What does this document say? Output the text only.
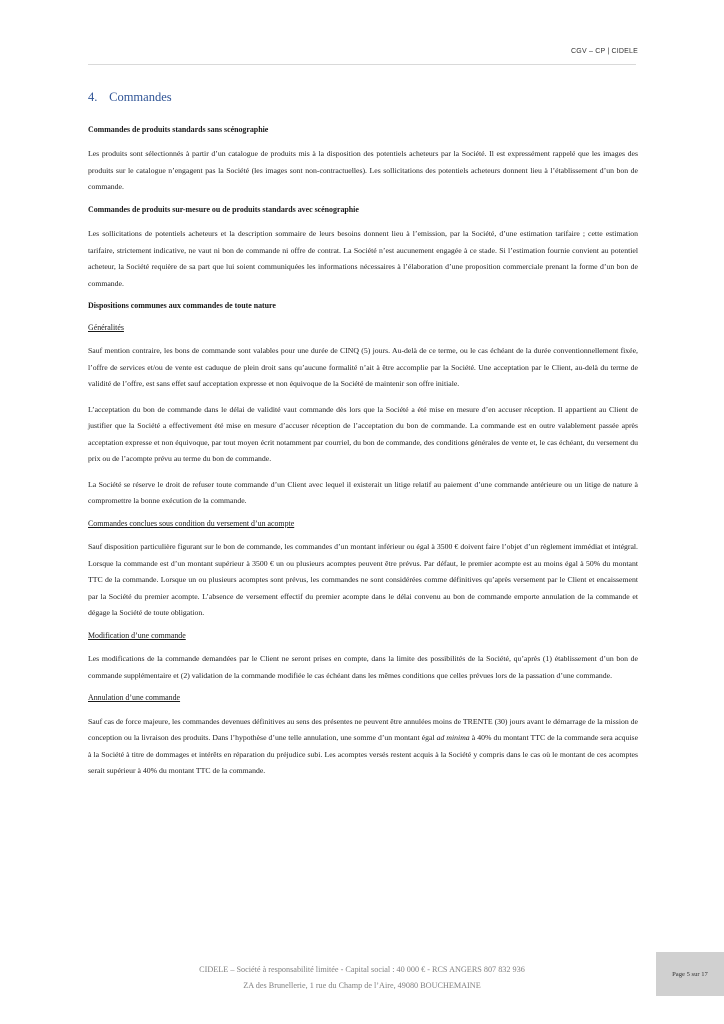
CGV – CP | CIDELE
4. Commandes
Commandes de produits standards sans scénographie

Les produits sont sélectionnés à partir d’un catalogue de produits mis à la disposition des potentiels acheteurs par la Société. Il est expressément rappelé que les images des produits sur le catalogue n’engagent pas la Société (les images sont non-contractuelles). Les sollicitations des potentiels acheteurs donnent lieu à l’établissement d’un bon de commande.

Commandes de produits sur-mesure ou de produits standards avec scénographie

Les sollicitations de potentiels acheteurs et la description sommaire de leurs besoins donnent lieu à l’emission, par la Société, d’une estimation tarifaire ; cette estimation tarifaire, strictement indicative, ne vaut ni bon de commande ni offre de contrat. La Société n’est aucunement engagée à ce stade. Si l’estimation fournie convient au potentiel acheteur, la Société requière de sa part que lui soient communiquées les informations nécessaires à l’élaboration d’une proposition commerciale prenant la forme d’un bon de commande.

Dispositions communes aux commandes de toute nature
Généralités

Sauf mention contraire, les bons de commande sont valables pour une durée de CINQ (5) jours. Au-delà de ce terme, ou le cas échéant de la durée conventionnellement fixée, l’offre de services et/ou de vente est caduque de plein droit sans qu’aucune formalité n’ait à être accomplie par la Société. Une acceptation par le Client, au-delà du terme de validité de l’offre, est sans effet sauf acceptation expresse et non équivoque de la Société de maintenir son offre initiale.

L’acceptation du bon de commande dans le délai de validité vaut commande dès lors que la Société a été mise en mesure d’en accuser réception. Il appartient au Client de justifier que la Société a effectivement été mise en mesure d’accuser réception de l’acceptation du bon de commande. La commande est en outre valablement passée après acceptation expresse et non équivoque, par tout moyen écrit notamment par courriel, du bon de commande, des conditions générales de vente et, le cas échéant, du versement du prix ou de l’acompte prévu au terme du bon de commande.

La Société se réserve le droit de refuser toute commande d’un Client avec lequel il existerait un litige relatif au paiement d’une commande antérieure ou un litige de nature à compromettre la bonne exécution de la commande.

Commandes conclues sous condition du versement d’un acompte

Sauf disposition particulière figurant sur le bon de commande, les commandes d’un montant inférieur ou égal à 3500 € doivent faire l’objet d’un règlement immédiat et intégral. Lorsque la commande est d’un montant supérieur à 3500 € un ou plusieurs acomptes peuvent être prévus. Par défaut, le premier acompte est au moins égal à 50% du montant TTC de la commande. Lorsque un ou plusieurs acomptes sont prévus, les commandes ne sont considérées comme définitives qu’après versement par le Client et encaissement par la Société du premier acompte. L’absence de versement effectif du premier acompte dans le délai convenu au bon de commande emporte annulation de la commande et dégage la Société de toute obligation.

Modification d’une commande

Les modifications de la commande demandées par le Client ne seront prises en compte, dans la limite des possibilités de la Société, qu’après (1) établissement d’un bon de commande supplémentaire et (2) validation de la commande modifiée le cas échéant dans les mêmes conditions que celles prévues lors de la passation d’une commande.

Annulation d’une commande

Sauf cas de force majeure, les commandes devenues définitives au sens des présentes ne peuvent être annulées moins de TRENTE (30) jours avant le démarrage de la mission de conception ou la livraison des produits. Dans l’hypothèse d’une telle annulation, une somme d’un montant égal ad minima à 40% du montant TTC de la commande sera acquise à la Société à titre de dommages et intérêts en réparation du préjudice subi. Les acomptes versés restent acquis à la Société y compris dans le cas où le montant de ces acomptes serait supérieur à 40% du montant TTC de la commande.

CIDELE – Société à responsabilité limitée - Capital social : 40 000 € - RCS ANGERS 807 832 936
ZA des Brunellerie, 1 rue du Champ de l’Aire, 49080 BOUCHEMAINE
Page 5 sur 17
